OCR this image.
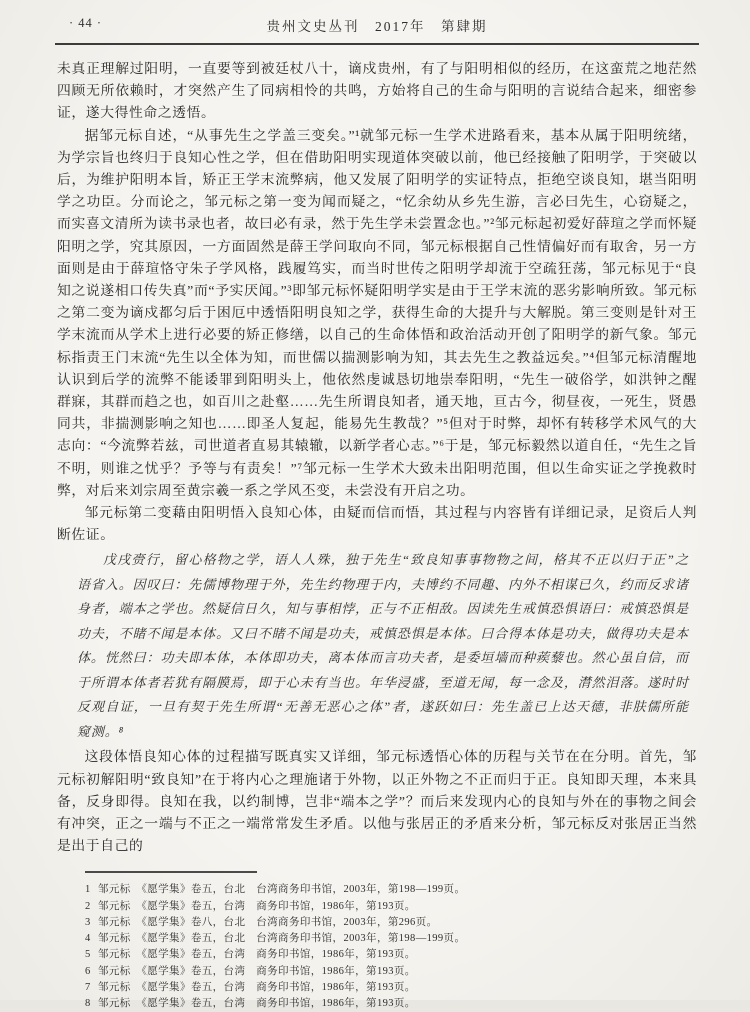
· 44 ·	贵州文史丛刊　2017年　第肆期

未真正理解过阳明，一直要等到被廷杖八十，谪戍贵州，有了与阳明相似的经历，在这蛮荒之地茫然四顾无所依赖时，才突然产生了同病相怜的共鸣，方始将自己的生命与阳明的言说结合起来，细密参证，遂大得性命之透悟。

据邹元标自述，“从事先生之学盖三变矣。”¹就邹元标一生学术进路看来，基本从属于阳明统绪，为学宗旨也终归于良知心性之学，但在借助阳明实现道体突破以前，他已经接触了阳明学，于突破以后，为维护阳明本旨，矫正王学末流弊病，他又发展了阳明学的实证特点，拒绝空谈良知，堪当阳明学之功臣。分而论之，邹元标之第一变为闻而疑之，“忆余幼从乡先生游，言必曰先生，心窃疑之，而实喜文清所为读书录也者，故曰必有录，然于先生学未尝置念也。”²邹元标起初爱好薛瑄之学而怀疑阳明之学，究其原因，一方面固然是薛王学问取向不同，邹元标根据自己性情偏好而有取舍，另一方面则是由于薛瑄恪守朱子学风格，践履笃实，而当时世传之阳明学却流于空疏狂荡，邹元标见于“良知之说遂相口传失真”而“予实厌闻。”³即邹元标怀疑阳明学实是由于王学末流的恶劣影响所致。邹元标之第二变为谪戍都匀后于困厄中透悟阳明良知之学，获得生命的大提升与大解脱。第三变则是针对王学末流而从学术上进行必要的矫正修缮，以自己的生命体悟和政治活动开创了阳明学的新气象。邹元标指责王门末流“先生以全体为知，而世儒以揣测影响为知，其去先生之教益远矣。”⁴但邹元标清醒地认识到后学的流弊不能诿罪到阳明头上，他依然虔诚恳切地崇奉阳明，“先生一破俗学，如洪钟之醒群寐，其群而趋之也，如百川之赴壑……先生所谓良知者，通天地，亘古今，彻昼夜，一死生，贤愚同共，非揣测影响之知也……即圣人复起，能易先生教哉？”⁵但对于时弊，却怀有转移学术风气的大志向：“今流弊若兹，司世道者直易其辕辙，以新学者心志。”⁶于是，邹元标毅然以道自任，“先生之旨不明，则谁之忧乎？予等与有责矣！”⁷邹元标一生学术大致未出阳明范围，但以生命实证之学挽救时弊，对后来刘宗周至黄宗羲一系之学风丕变，未尝没有开启之功。

邹元标第二变藉由阳明悟入良知心体，由疑而信而悟，其过程与内容皆有详细记录，足资后人判断佐证。

戊戌赍行，留心格物之学，语人人殊，独于先生“致良知事事物物之间，格其不正以归于正”之语省入。因叹曰：先儒博物理于外，先生约物理于内，夫博约不同趣、内外不相谋已久，约而反求诸身者，端本之学也。然疑信日久，知与事相悖，正与不正相敌。因读先生戒慎恐惧语曰：戒慎恐惧是功夫，不睹不闻是本体。又曰不睹不闻是功夫，戒慎恐惧是本体。曰合得本体是功夫，做得功夫是本体。恍然曰：功夫即本体，本体即功夫，离本体而言功夫者，是委垣墙而种蒺藜也。然心虽自信，而于所谓本体者若犹有隔膜焉，即于心未有当也。年华浸盛，至道无闻，每一念及，潸然泪落。遂时时反观自证，一旦有契于先生所谓“无善无恶心之体”者，遂跃如曰：先生盖已上达天德，非肤儒所能窥测。⁸

这段体悟良知心体的过程描写既真实又详细，邹元标透悟心体的历程与关节在在分明。首先，邹元标初解阳明“致良知”在于将内心之理施诸于外物，以正外物之不正而归于正。良知即天理，本来具备，反身即得。良知在我，以约制博，岂非“端本之学”？而后来发现内心的良知与外在的事物之间会有冲突，正之一端与不正之一端常常发生矛盾。以他与张居正的矛盾来分析，邹元标反对张居正当然是出于自己的

1 邹元标　《愿学集》卷五，台北　台湾商务印书馆，2003年，第198—199页。
2 邹元标　《愿学集》卷五，台湾　商务印书馆，1986年，第193页。
3 邹元标　《愿学集》卷八，台北　台湾商务印书馆，2003年，第296页。
4 邹元标　《愿学集》卷五，台北　台湾商务印书馆，2003年，第198—199页。
5 邹元标　《愿学集》卷五，台湾　商务印书馆，1986年，第193页。
6 邹元标　《愿学集》卷五，台湾　商务印书馆，1986年，第193页。
7 邹元标　《愿学集》卷五，台湾　商务印书馆，1986年，第193页。
8 邹元标　《愿学集》卷五，台湾　商务印书馆，1986年，第193页。
